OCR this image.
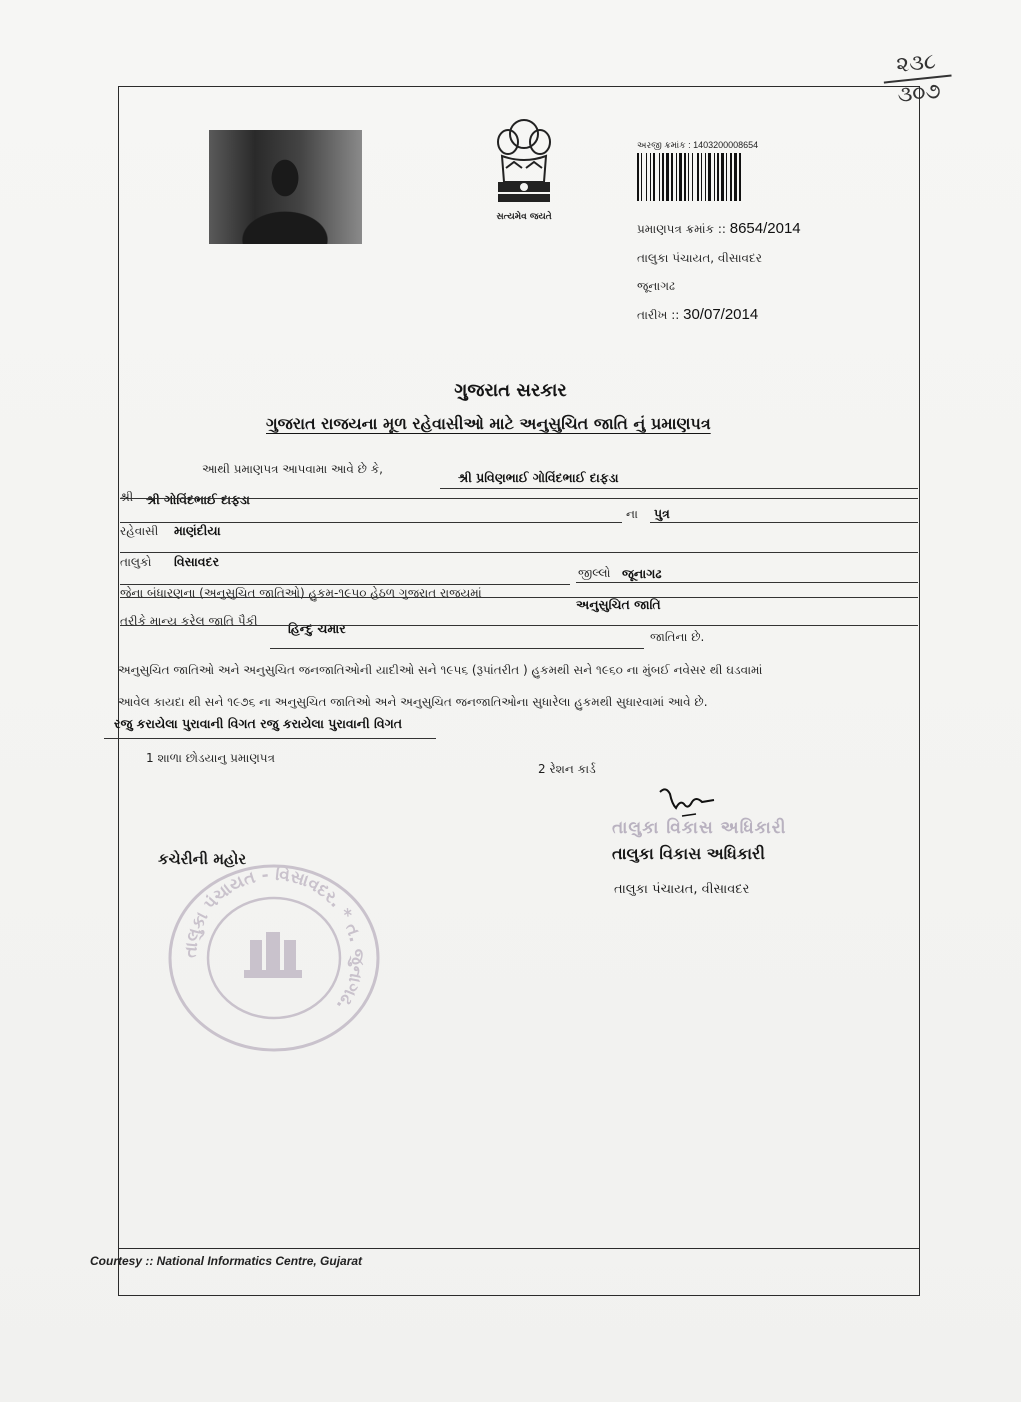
૨૩૮
૩૦૭
સત્યમેવ જયતે
અરજી ક્રમાંક : 1403200008654
પ્રમાણપત્ર ક્રમાંક :: 8654/2014
તાલુકા પંચાયત, વીસાવદર
જૂનાગઢ
તારીખ :: 30/07/2014
ગુજરાત સરકાર
ગુજરાત રાજયના મૂળ રહેવાસીઓ માટે અનુસુચિત જાતિ નું પ્રમાણપત્ર
આથી પ્રમાણપત્ર આપવામા આવે છે કે,
શ્રી પ્રવિણભાઈ ગોવિંદભાઈ દાફડા
શ્રી શ્રી ગોવિંદભાઈ દાફડા
રહેવાસી માણંદીયા
ના પુત્ર
તાલુકો વિસાવદર
જીલ્લો જૂનાગઢ
જેના બંધારણના (અનુસુચિત જાતિઓ) હુકમ-૧૯૫૦ હેઠળ ગુજરાત રાજયમાં
અનુસુચિત જાતિ
તરીકે માન્ય કરેલ જાતિ પૈકી હિન્દુ ચમાર
જાતિના છે.
અનુસુચિત જાતિઓ અને અનુસુચિત જનજાતિઓની યાદીઓ સને ૧૯૫૬ (રૂપાંતરીત ) હુકમથી સને ૧૯૬૦ ના મુંબઈ નવેસર થી ઘડવામાં
આવેલ કાયદા થી સને ૧૯૭૬ ના અનુસુચિત જાતિઓ અને અનુસુચિત જનજાતિઓના સુધારેલા હુકમથી સુધારવામાં આવે છે.
રજુ કરાયેલા પુરાવાની વિગત રજુ કરાયેલા પુરાવાની વિગત
1 શાળા છોડયાનુ પ્રમાણપત્ર
2 રેશન કાર્ડ
તાલુકા વિકાસ અધિકારી
તાલુકા વિકાસ અધિકારી
તાલુકા પંચાયત, વીસાવદર
કચેરીની મહોર
તાલુકા પંચાયત - વિસાવદર. * ત. જુનાગઢ.
Courtesy :: National Informatics Centre, Gujarat
